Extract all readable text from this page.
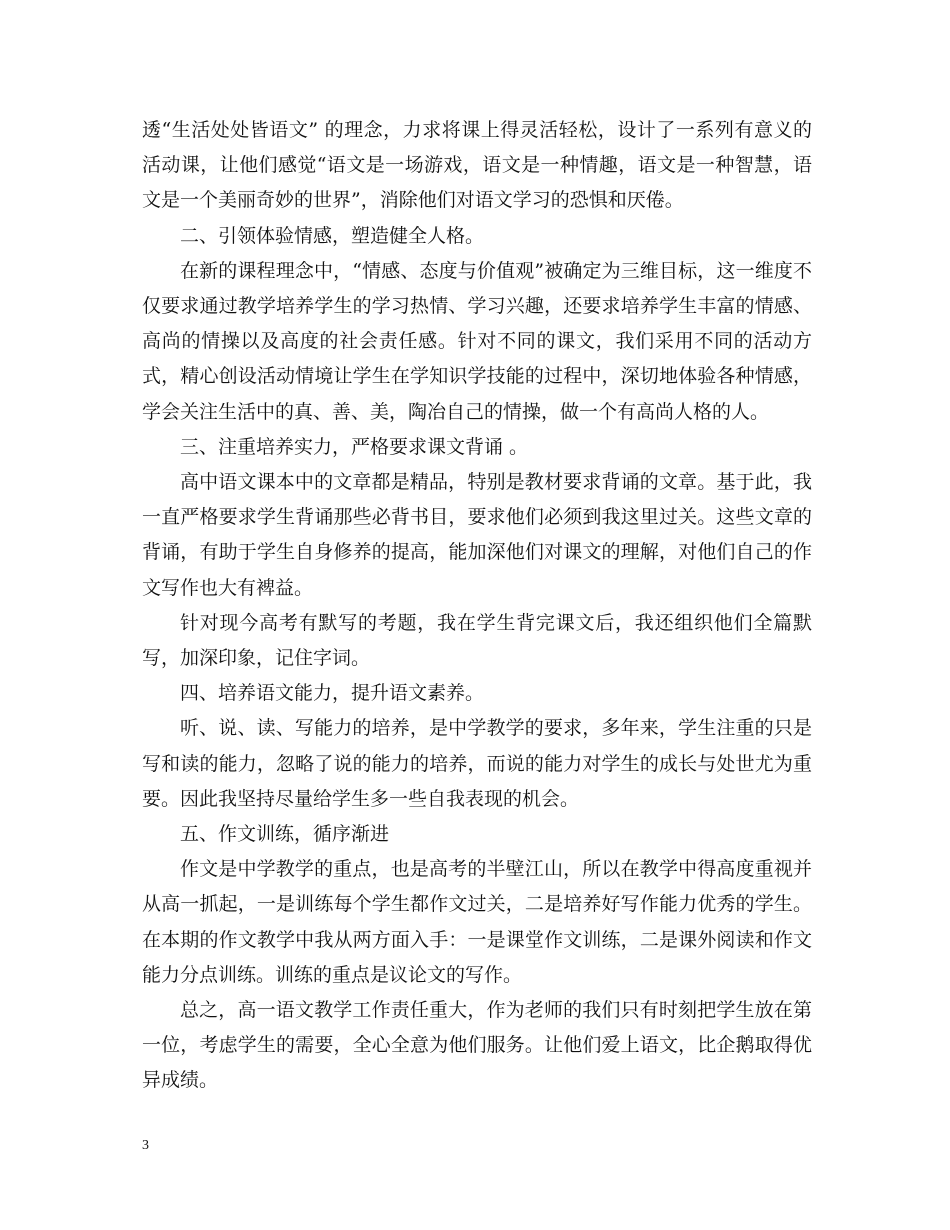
透“生活处处皆语文” 的理念，力求将课上得灵活轻松，设计了一系列有意义的活动课，让他们感觉“语文是一场游戏，语文是一种情趣，语文是一种智慧，语文是一个美丽奇妙的世界”，消除他们对语文学习的恐惧和厌倦。

二、引领体验情感，塑造健全人格。

在新的课程理念中，“情感、态度与价值观”被确定为三维目标，这一维度不仅要求通过教学培养学生的学习热情、学习兴趣，还要求培养学生丰富的情感、高尚的情操以及高度的社会责任感。针对不同的课文，我们采用不同的活动方式，精心创设活动情境让学生在学知识学技能的过程中，深切地体验各种情感，学会关注生活中的真、善、美，陶冶自己的情操，做一个有高尚人格的人。

三、注重培养实力，严格要求课文背诵 。

高中语文课本中的文章都是精品，特别是教材要求背诵的文章。基于此，我一直严格要求学生背诵那些必背书目，要求他们必须到我这里过关。这些文章的背诵，有助于学生自身修养的提高，能加深他们对课文的理解，对他们自己的作文写作也大有裨益。

针对现今高考有默写的考题，我在学生背完课文后，我还组织他们全篇默写，加深印象，记住字词。

四、培养语文能力，提升语文素养。

听、说、读、写能力的培养，是中学教学的要求，多年来，学生注重的只是写和读的能力，忽略了说的能力的培养，而说的能力对学生的成长与处世尤为重要。因此我坚持尽量给学生多一些自我表现的机会。

五、作文训练，循序渐进

作文是中学教学的重点，也是高考的半壁江山，所以在教学中得高度重视并从高一抓起，一是训练每个学生都作文过关，二是培养好写作能力优秀的学生。在本期的作文教学中我从两方面入手：一是课堂作文训练，二是课外阅读和作文能力分点训练。训练的重点是议论文的写作。

总之，高一语文教学工作责任重大，作为老师的我们只有时刻把学生放在第一位，考虑学生的需要，全心全意为他们服务。让他们爱上语文，比企鹅取得优异成绩。

3
